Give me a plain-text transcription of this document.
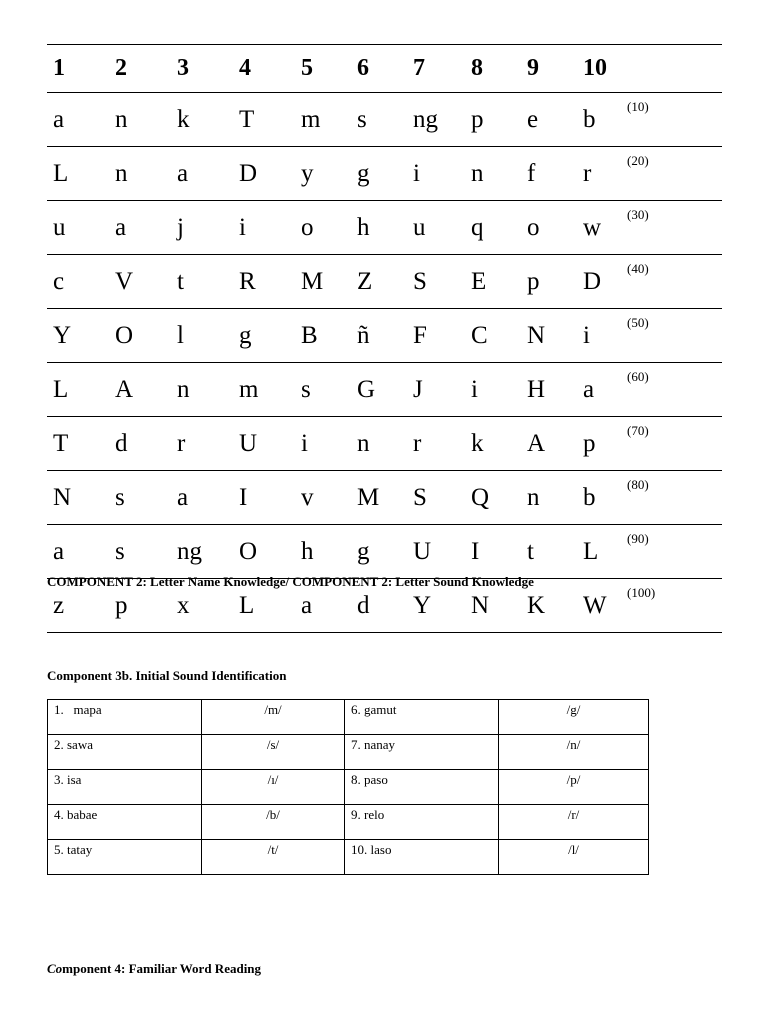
1	2	3	4	5	6	7	8	9	10	
a	n	k	T	m	s	ng	p	e	b	(10)
L	n	a	D	y	g	i	n	f	r	(20)
u	a	j	i	o	h	u	q	o	w	(30)
c	V	t	R	M	Z	S	E	p	D	(40)
Y	O	l	g	B	ñ	F	C	N	i	(50)
L	A	n	m	s	G	J	i	H	a	(60)
T	d	r	U	i	n	r	k	A	p	(70)
N	s	a	I	v	M	S	Q	n	b	(80)
a	s	ng	O	h	g	U	I	t	L	(90)
z	p	x	L	a	d	Y	N	K	W	(100)
COMPONENT 2: Letter Name Knowledge/ COMPONENT 2: Letter Sound Knowledge
Component 3b. Initial Sound Identification
1.   mapa	/m/	6. gamut	/g/
2. sawa	/s/	7. nanay	/n/
3. isa	/ı/	8. paso	/p/
4. babae	/b/	9. relo	/r/
5. tatay	/t/	10. laso	/l/
Component 4: Familiar Word Reading
